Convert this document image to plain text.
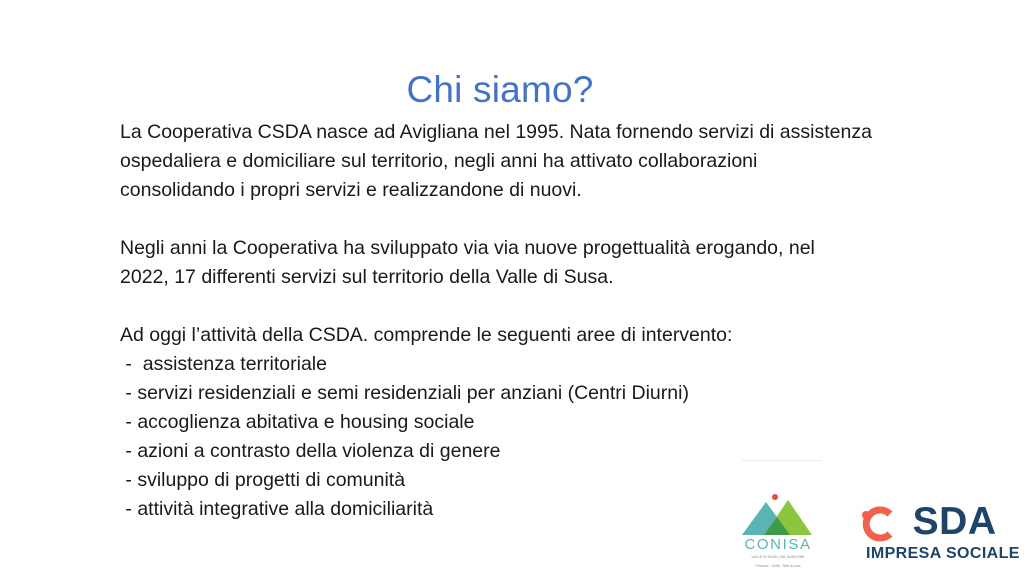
Chi siamo?

La Cooperativa CSDA nasce ad Avigliana nel 1995. Nata fornendo servizi di assistenza
ospedaliera e domiciliare sul territorio, negli anni ha attivato collaborazioni
consolidando i propri servizi e realizzandone di nuovi.

Negli anni la Cooperativa ha sviluppato via via nuove progettualità erogando, nel
2022, 17 differenti servizi sul territorio della Valle di Susa.

Ad oggi l’attività della CSDA. comprende le seguenti aree di intervento:

-  assistenza territoriale
- servizi residenziali e semi residenziali per anziani (Centri Diurni)
- accoglienza abitativa e housing sociale
- azioni a contrasto della violenza di genere
- sviluppo di progetti di comunità
- attività integrative alla domiciliarità
CONISA
VALLE DI SUSA | VAL SANGONE
Persone · Diritti · Reti di cura
SDA
IMPRESA SOCIALE
